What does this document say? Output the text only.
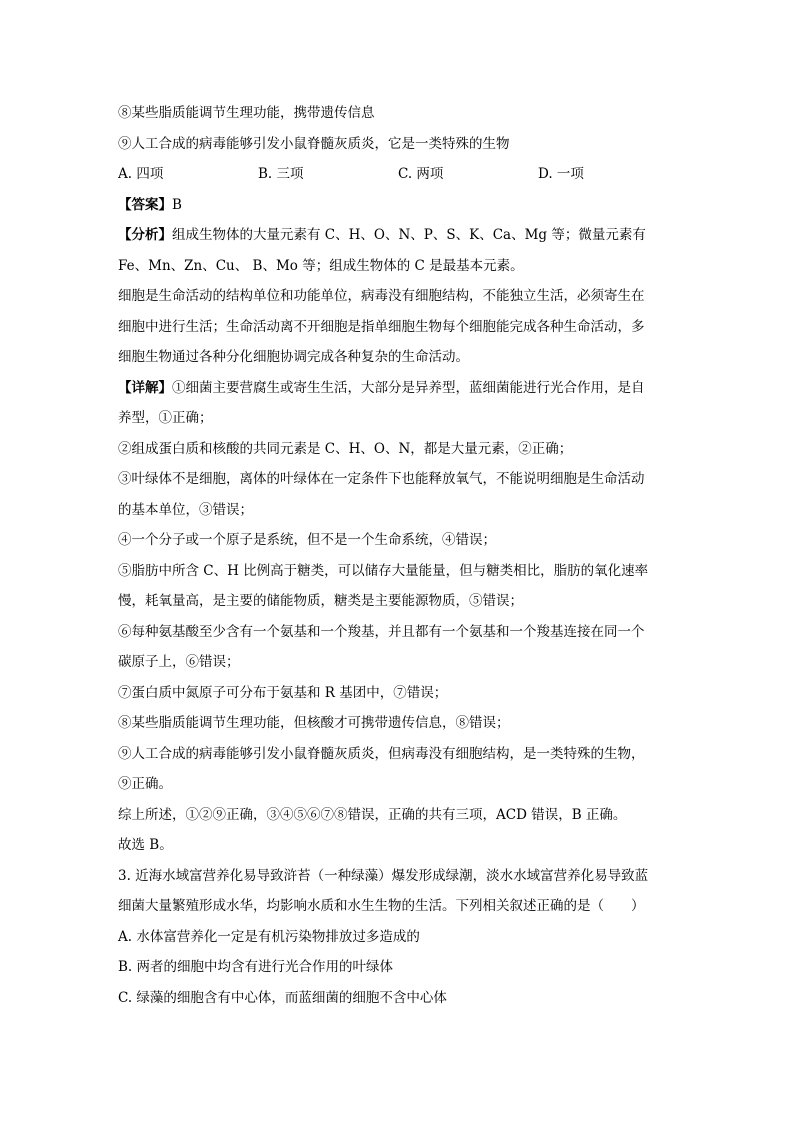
⑧某些脂质能调节生理功能，携带遗传信息
⑨人工合成的病毒能够引发小鼠脊髓灰质炎，它是一类特殊的生物
A. 四项	B. 三项	C. 两项	D. 一项
【答案】B
【分析】组成生物体的大量元素有 C、H、O、N、P、S、K、Ca、Mg 等；微量元素有
Fe、Mn、Zn、Cu、 B、Mo 等；组成生物体的 C 是最基本元素。
细胞是生命活动的结构单位和功能单位，病毒没有细胞结构，不能独立生活，必须寄生在
细胞中进行生活；生命活动离不开细胞是指单细胞生物每个细胞能完成各种生命活动，多
细胞生物通过各种分化细胞协调完成各种复杂的生命活动。
【详解】①细菌主要营腐生或寄生生活，大部分是异养型，蓝细菌能进行光合作用，是自
养型，①正确；
②组成蛋白质和核酸的共同元素是 C、H、O、N，都是大量元素，②正确；
③叶绿体不是细胞，离体的叶绿体在一定条件下也能释放氧气，不能说明细胞是生命活动
的基本单位，③错误；
④一个分子或一个原子是系统，但不是一个生命系统，④错误；
⑤脂肪中所含 C、H 比例高于糖类，可以储存大量能量，但与糖类相比，脂肪的氧化速率
慢，耗氧量高，是主要的储能物质，糖类是主要能源物质，⑤错误；
⑥每种氨基酸至少含有一个氨基和一个羧基，并且都有一个氨基和一个羧基连接在同一个
碳原子上，⑥错误；
⑦蛋白质中氮原子可分布于氨基和 R 基团中，⑦错误；
⑧某些脂质能调节生理功能，但核酸才可携带遗传信息，⑧错误；
⑨人工合成的病毒能够引发小鼠脊髓灰质炎，但病毒没有细胞结构，是一类特殊的生物，
⑨正确。
综上所述，①②⑨正确，③④⑤⑥⑦⑧错误，正确的共有三项，ACD 错误，B 正确。
故选 B。
3. 近海水域富营养化易导致浒苔（一种绿藻）爆发形成绿潮，淡水水域富营养化易导致蓝
细菌大量繁殖形成水华，均影响水质和水生生物的生活。下列相关叙述正确的是（　　）
A. 水体富营养化一定是有机污染物排放过多造成的
B. 两者的细胞中均含有进行光合作用的叶绿体
C. 绿藻的细胞含有中心体，而蓝细菌的细胞不含中心体
